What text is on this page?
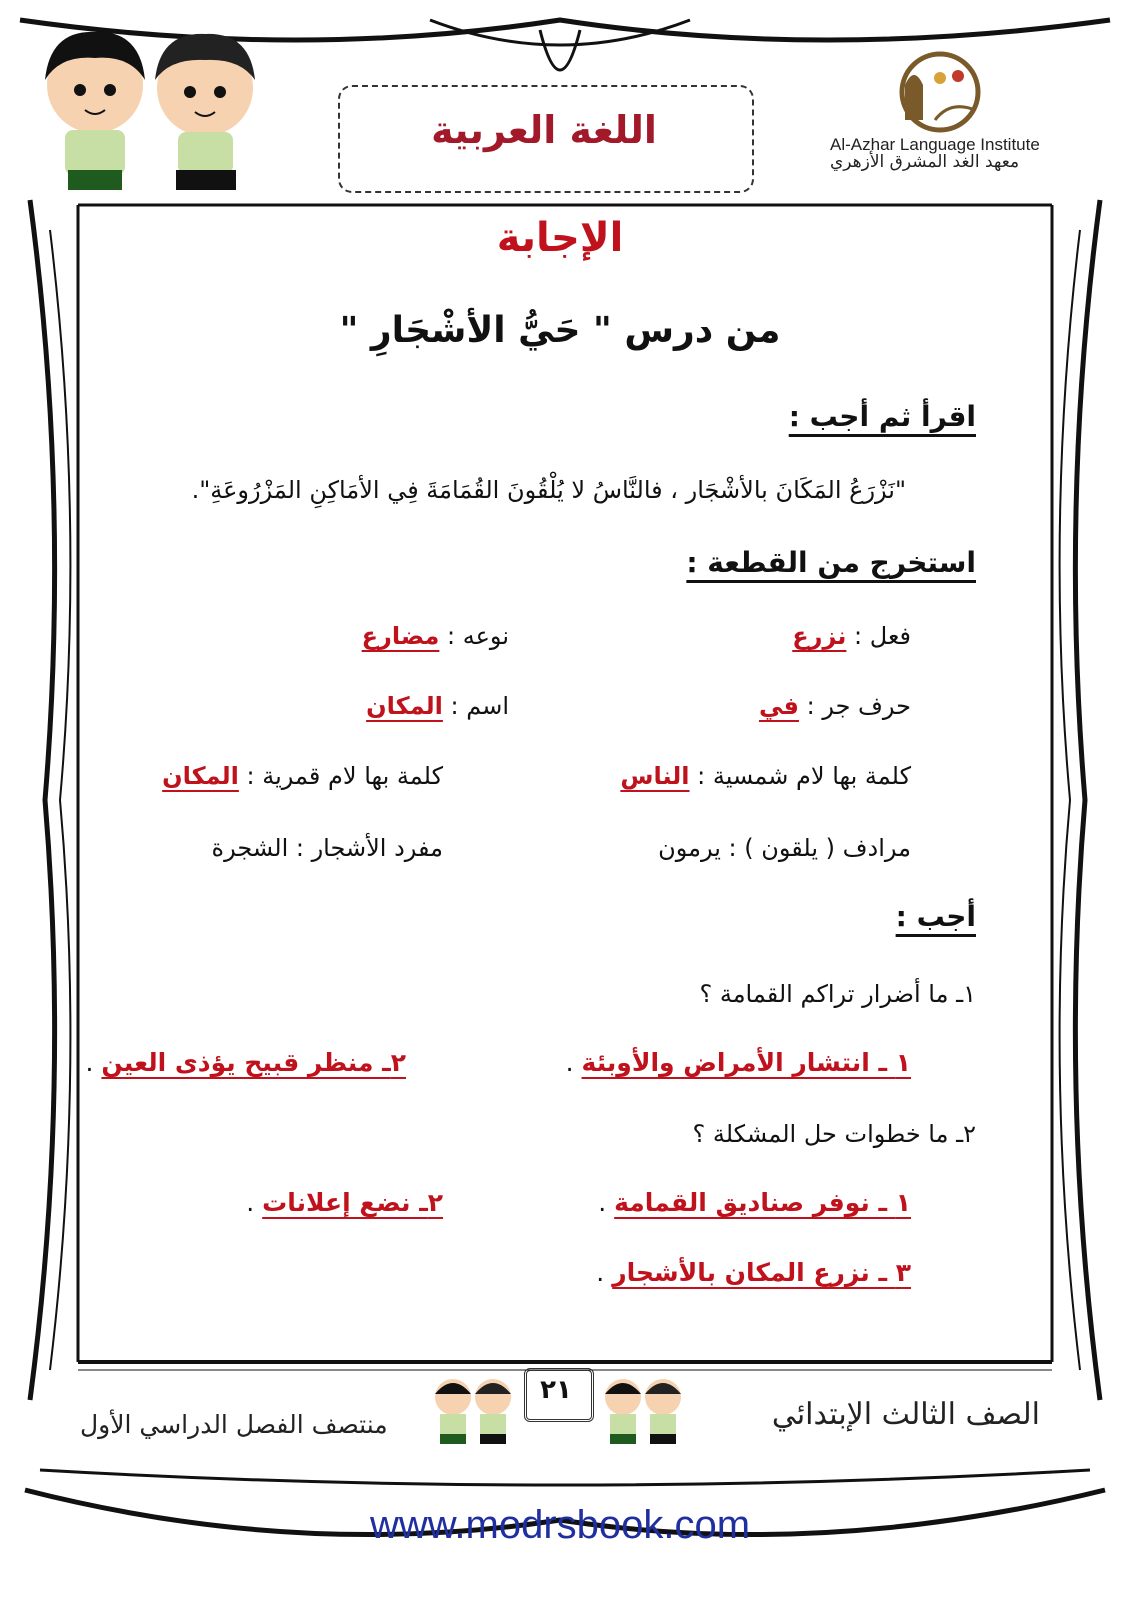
Al-Azhar Language Institute
معهد الغد المشرق الأزهري
اللغة العربية
الإجابة
من درس " حَيُّ الأشْجَارِ "
اقرأ ثم أجب :
"نَزْرَعُ المَكَانَ بالأشْجَار ، فالنَّاسُ لا يُلْقُونَ القُمَامَةَ فِي الأمَاكِنِ المَزْرُوعَةِ".
استخرج من القطعة :
فعل : نزرع
نوعه : مضارع
حرف جر : في
اسم : المكان
كلمة بها لام شمسية : الناس
كلمة بها لام قمرية : المكان
مرادف ( يلقون ) : يرمون
مفرد الأشجار : الشجرة
أجب :
١ـ ما أضرار تراكم القمامة ؟
١ ـ انتشار الأمراض والأوبئة .
٢ـ منظر قبيح يؤذى العين .
٢ـ ما خطوات حل المشكلة ؟
١ ـ نوفر صناديق القمامة .
٢ـ نضع إعلانات .
٣ ـ نزرع المكان بالأشجار .
الصف الثالث الإبتدائي
منتصف الفصل الدراسي الأول
٢١
www.modrsbook.com
